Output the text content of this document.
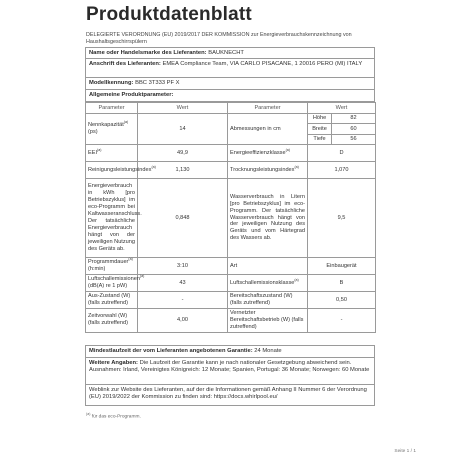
Produktdatenblatt
DELEGIERTE VERORDNUNG (EU) 2019/2017 DER KOMMISSION zur Energieverbrauchskennzeichnung von Haushaltsgeschirrspülern
Name oder Handelsmarke des Lieferanten: BAUKNECHT
Anschrift des Lieferanten: EMEA Compliance Team, VIA CARLO PISACANE, 1 20016 PERO (MI) ITALY
Modellkennung: BBC 3T333 PF X
Allgemeine Produktparameter:
Parameter	Wert	Parameter	Wert	
Nennkapazität$^{(a)}$ (ps)	14	Abmessungen in cm	Höhe	82
			Breite	60
			Tiefe	56
EEI$^{(a)}$	49,9	Energieeffizienzklasse$^{(a)}$	D	
Reinigungsleistungsindex$^{(a)}$	1,130	Trocknungsleistungsindex$^{(a)}$	1,070	
Energieverbrauch in kWh [pro Betriebszyklus] im eco-Programm bei Kaltwasseranschluss. Der tatsächliche Energieverbrauch hängt von der jeweiligen Nutzung des Geräts ab.	0,848	Wasserverbrauch in Litern [pro Betriebszyklus] im eco-Programm. Der tatsächliche Wasserverbrauch hängt von der jeweiligen Nutzung des Geräts und vom Härtegrad des Wassers ab.	9,5	
Programmdauer$^{(a)}$
(h:min)	3:10	Art	Einbaugerät	
Luftschallemissionen$^{(a)}$ (dB(A) re 1 pW)	43	Luftschallemissionsklasse$^{(a)}$	B	
Aus-Zustand (W) (falls zutreffend)	-	Bereitschaftszustand (W) (falls zutreffend)	0,50	
Zeitvorwahl (W) (falls zutreffend)	4,00	Vernetzter Bereitschaftsbetrieb (W) (falls zutreffend)	-	
Mindestlaufzeit der vom Lieferanten angebotenen Garantie: 24 Monate
Weitere Angaben: Die Laufzeit der Garantie kann je nach nationaler Gesetzgebung abweichend sein. Ausnahmen: Irland, Vereinigtes Königreich: 12 Monate; Spanien, Portugal: 36 Monate; Norwegen: 60 Monate
Weblink zur Website des Lieferanten, auf der die Informationen gemäß Anhang II Nummer 6 der Verordnung (EU) 2019/2022 der Kommission zu finden sind: https://docs.whirlpool.eu/
$^{(a)}$ für das eco-Programm.
Seite 1 / 1
